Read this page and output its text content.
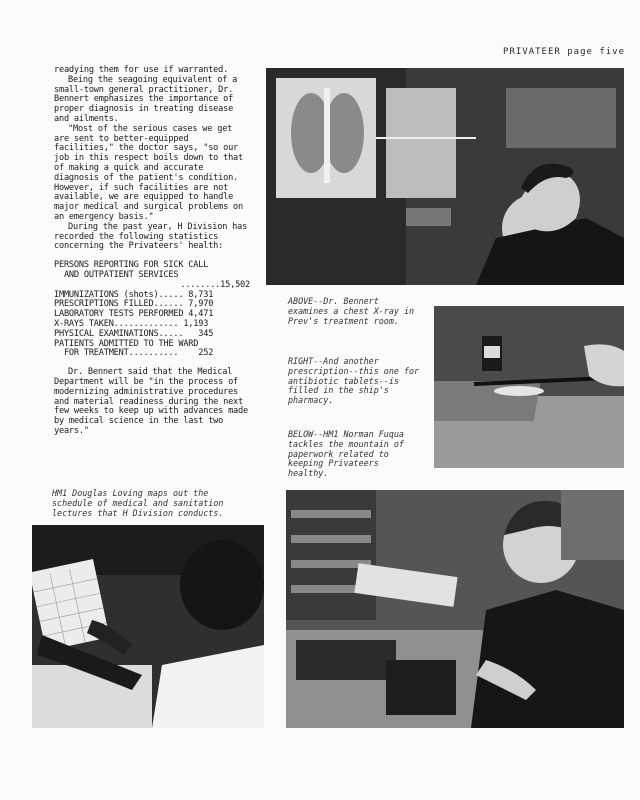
PRIVATEER page five

readying them for use if warranted.

Being the seagoing equivalent of a small-town general practitioner, Dr. Bennert emphasizes the importance of proper diagnosis in treating disease and ailments.

"Most of the serious cases we get are sent to better-equipped facilities," the doctor says, "so our job in this respect boils down to that of making a quick and accurate diagnosis of the patient's condition. However, if such facilities are not available, we are equipped to handle major medical and surgical problems on an emergency basis."

During the past year, H Division has recorded the following statistics concerning the Privateers' health:

PERSONS REPORTING FOR SICK CALL
AND OUTPATIENT SERVICES
........15,502
IMMUNIZATIONS (shots)..... 8,731
PRESCRIPTIONS FILLED...... 7,970
LABORATORY TESTS PERFORMED 4,471
X-RAYS TAKEN............. 1,193
PHYSICAL EXAMINATIONS.....   345
PATIENTS ADMITTED TO THE WARD
FOR TREATMENT..........    252

Dr. Bennert said that the Medical Department will be "in the process of modernizing administrative procedures and material readiness during the next few weeks to keep up with advances made by medical science in the last two years."

ABOVE--Dr. Bennert examines a chest X-ray in Prev's treatment room.
RIGHT--And another prescription--this one for antibiotic tablets--is filled in the ship's pharmacy.
BELOW--HM1 Norman Fuqua tackles the mountain of paperwork related to keeping Privateers healthy.
HM1 Douglas Loving maps out the schedule of medical and sanitation lectures that H Division conducts.
